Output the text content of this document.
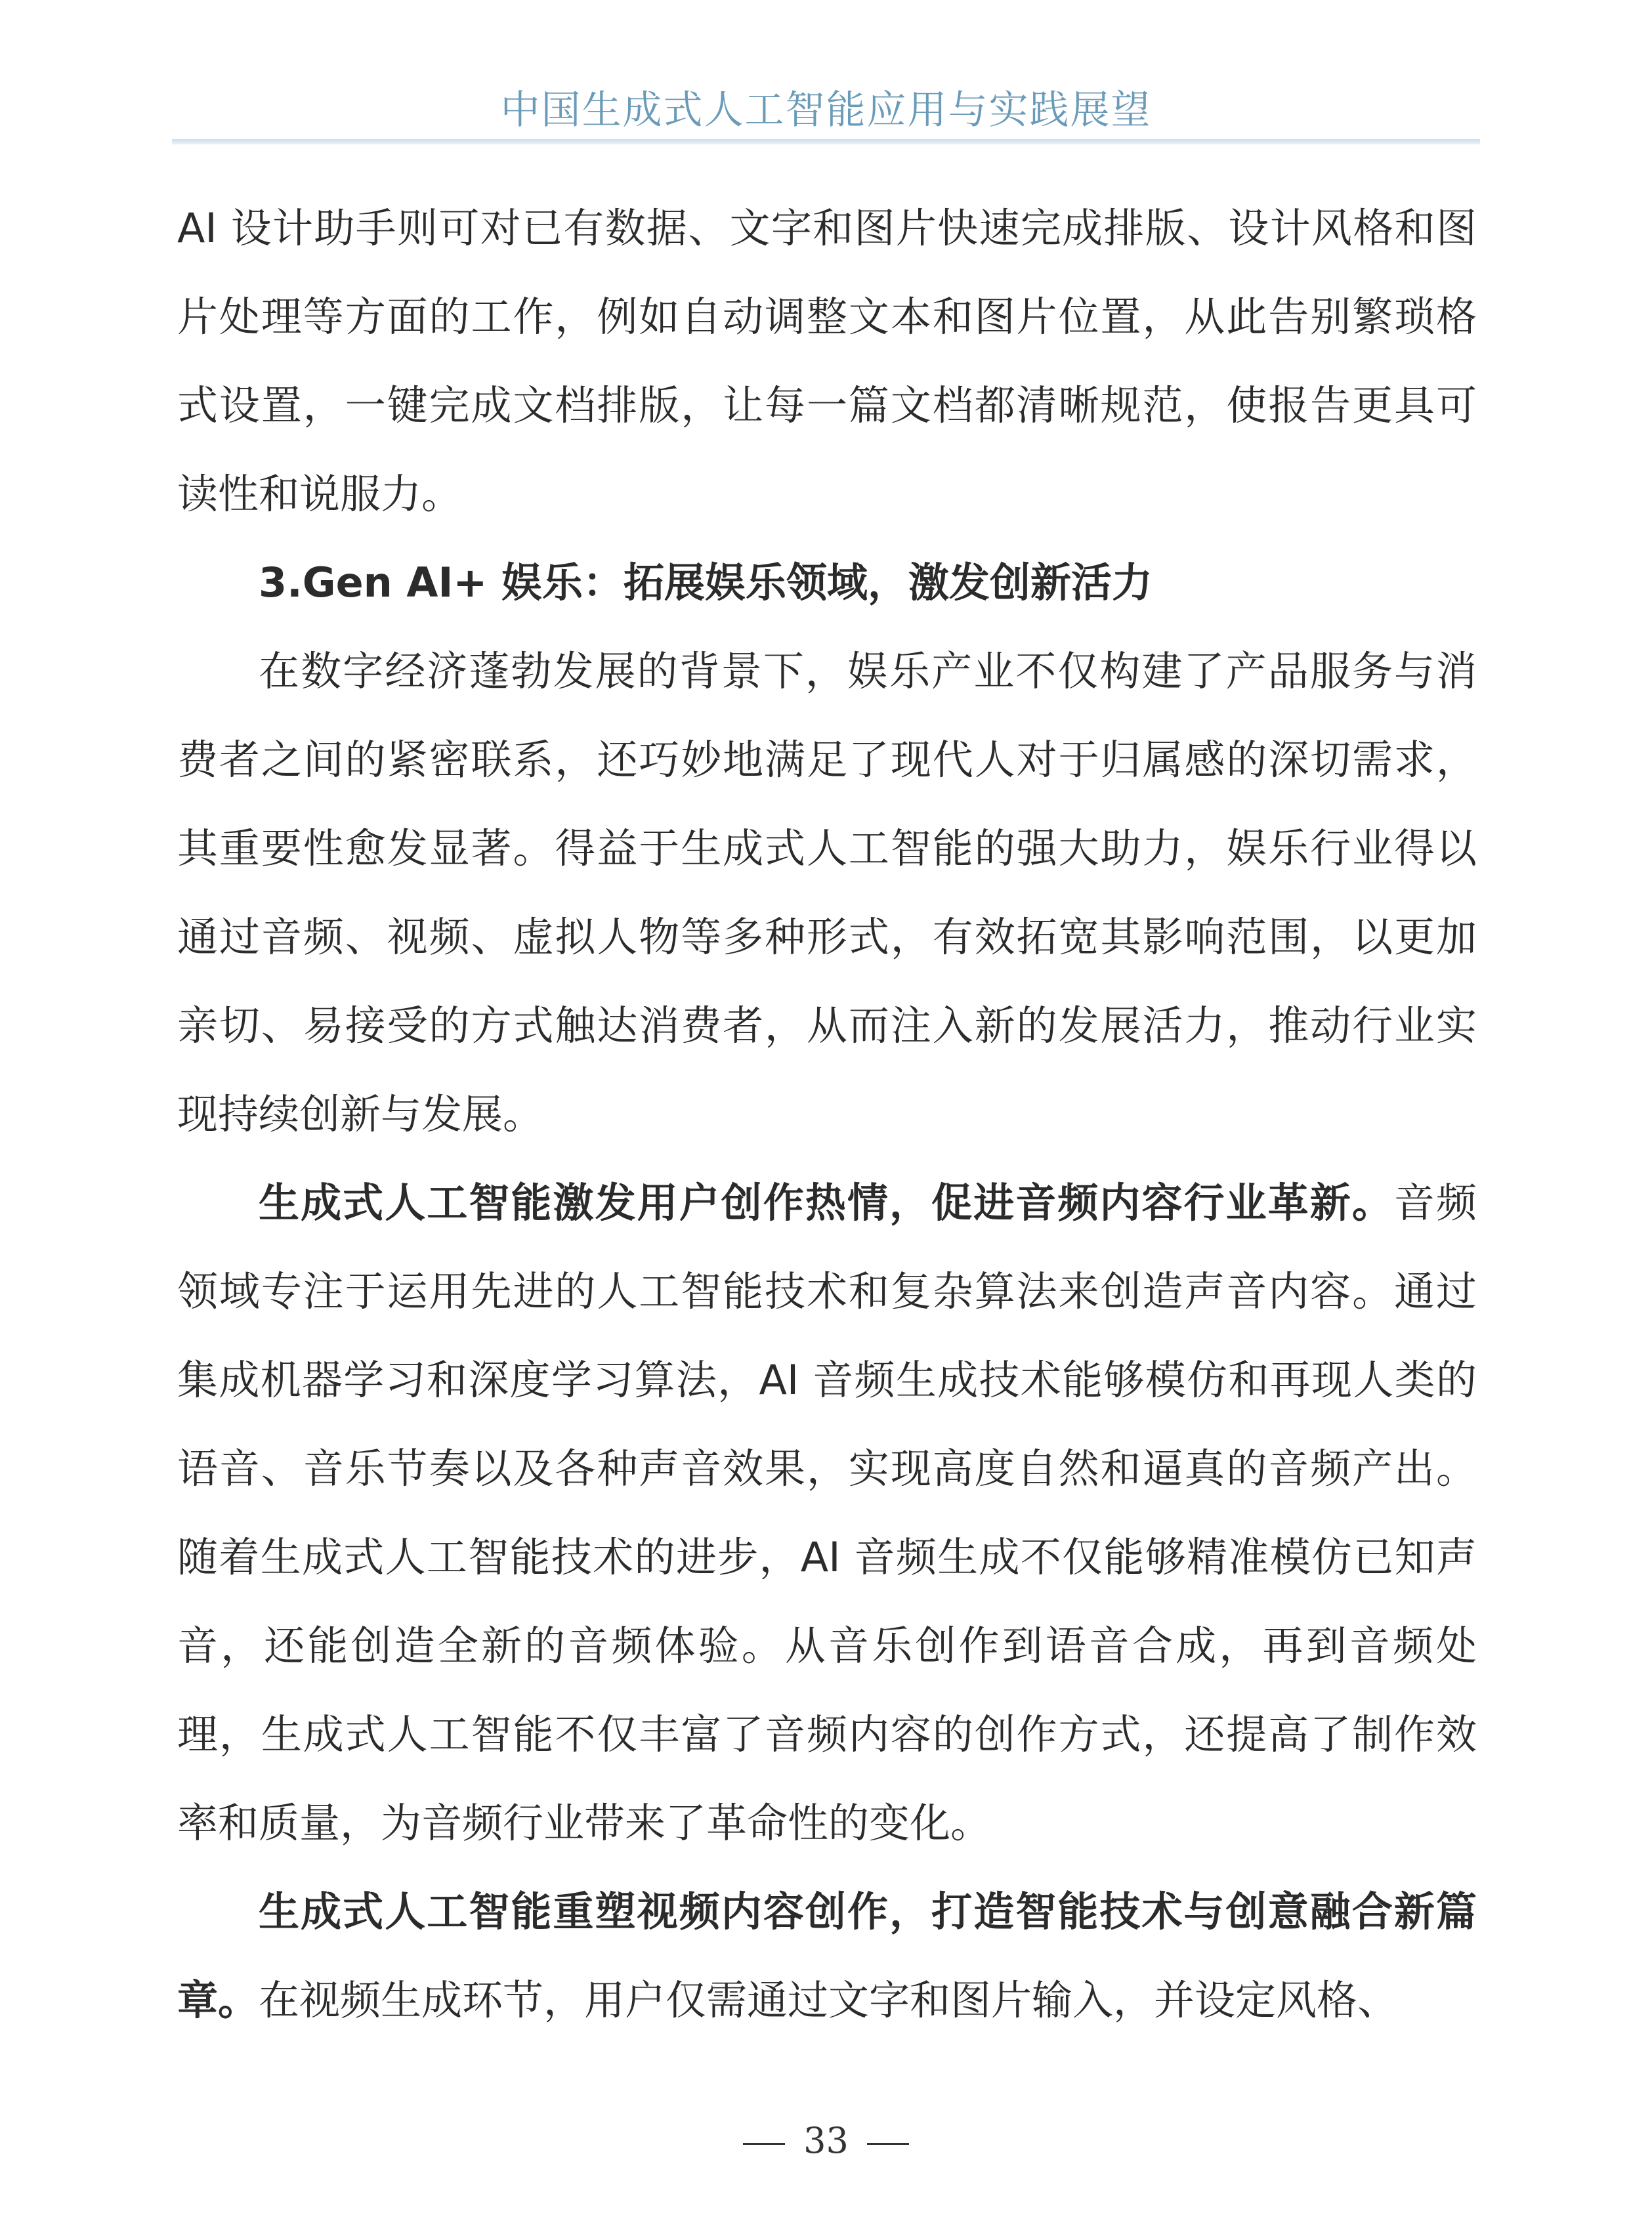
中国生成式人工智能应用与实践展望

AI 设计助手则可对已有数据、文字和图片快速完成排版、设计风格和图片处理等方面的工作，例如自动调整文本和图片位置，从此告别繁琐格式设置，一键完成文档排版，让每一篇文档都清晰规范，使报告更具可读性和说服力。

3.Gen AI+ 娱乐：拓展娱乐领域，激发创新活力

在数字经济蓬勃发展的背景下，娱乐产业不仅构建了产品服务与消费者之间的紧密联系，还巧妙地满足了现代人对于归属感的深切需求，其重要性愈发显著。得益于生成式人工智能的强大助力，娱乐行业得以通过音频、视频、虚拟人物等多种形式，有效拓宽其影响范围，以更加亲切、易接受的方式触达消费者，从而注入新的发展活力，推动行业实现持续创新与发展。

生成式人工智能激发用户创作热情，促进音频内容行业革新。音频领域专注于运用先进的人工智能技术和复杂算法来创造声音内容。通过集成机器学习和深度学习算法，AI 音频生成技术能够模仿和再现人类的语音、音乐节奏以及各种声音效果，实现高度自然和逼真的音频产出。随着生成式人工智能技术的进步，AI 音频生成不仅能够精准模仿已知声音，还能创造全新的音频体验。从音乐创作到语音合成，再到音频处理，生成式人工智能不仅丰富了音频内容的创作方式，还提高了制作效率和质量，为音频行业带来了革命性的变化。

生成式人工智能重塑视频内容创作，打造智能技术与创意融合新篇章。在视频生成环节，用户仅需通过文字和图片输入，并设定风格、

33
